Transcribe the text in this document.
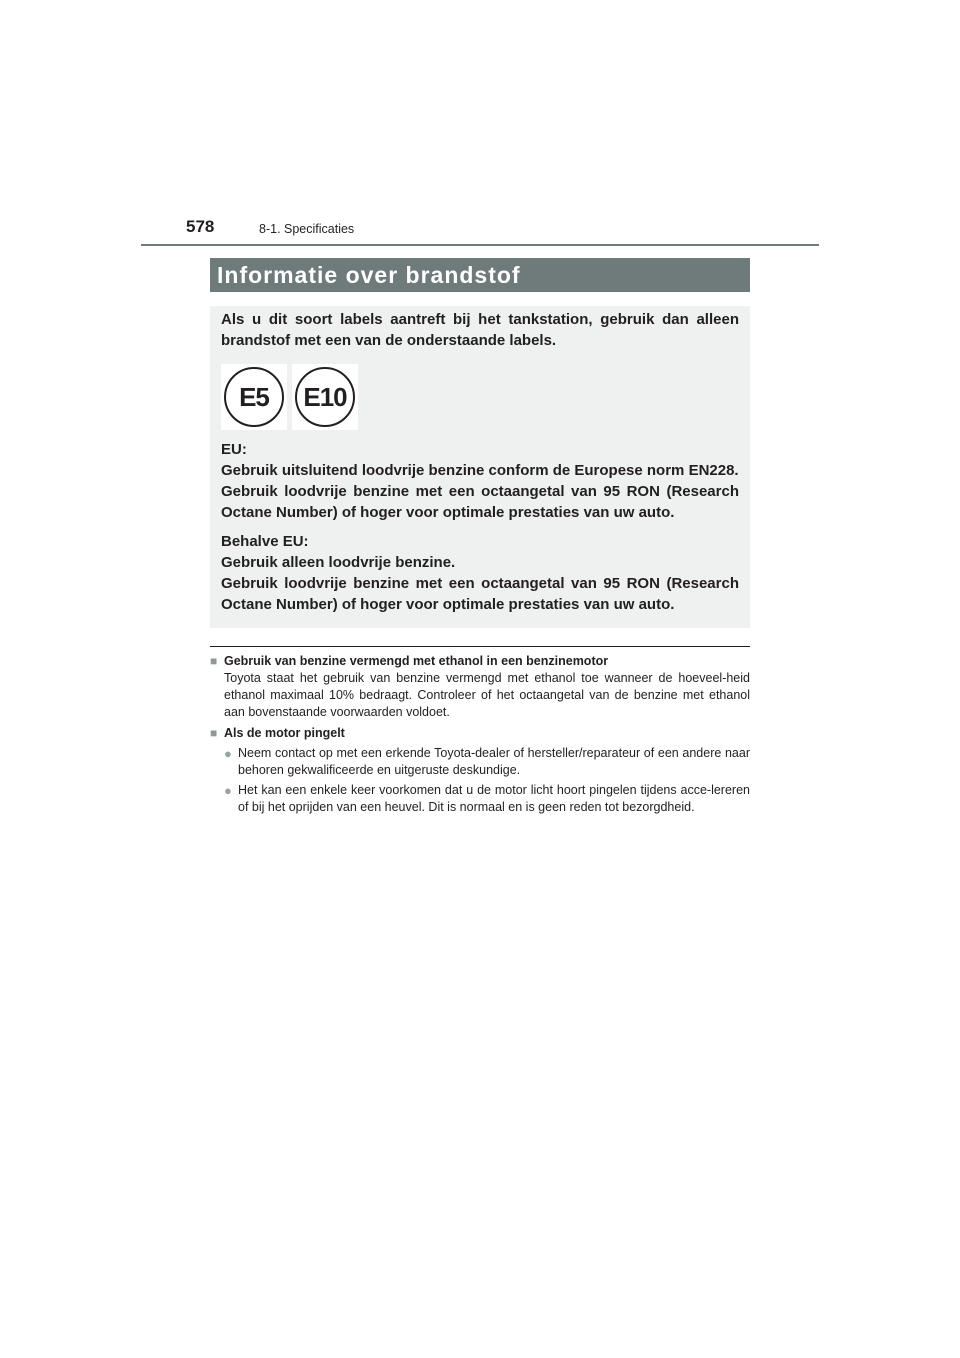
578	8-1. Specificaties
Informatie over brandstof

Als u dit soort labels aantreft bij het tankstation, gebruik dan alleen brandstof met een van de onderstaande labels.

E5	E10

EU:

Gebruik uitsluitend loodvrije benzine conform de Europese norm EN228.

Gebruik loodvrije benzine met een octaangetal van 95 RON (Research Octane Number) of hoger voor optimale prestaties van uw auto.

Behalve EU:

Gebruik alleen loodvrije benzine.

Gebruik loodvrije benzine met een octaangetal van 95 RON (Research Octane Number) of hoger voor optimale prestaties van uw auto.

■ Gebruik van benzine vermengd met ethanol in een benzinemotor

Toyota staat het gebruik van benzine vermengd met ethanol toe wanneer de hoeveel-heid ethanol maximaal 10% bedraagt. Controleer of het octaangetal van de benzine met ethanol aan bovenstaande voorwaarden voldoet.

■ Als de motor pingelt
● Neem contact op met een erkende Toyota-dealer of hersteller/reparateur of een andere naar behoren gekwalificeerde en uitgeruste deskundige.
● Het kan een enkele keer voorkomen dat u de motor licht hoort pingelen tijdens acce-lereren of bij het oprijden van een heuvel. Dit is normaal en is geen reden tot bezorgdheid.
